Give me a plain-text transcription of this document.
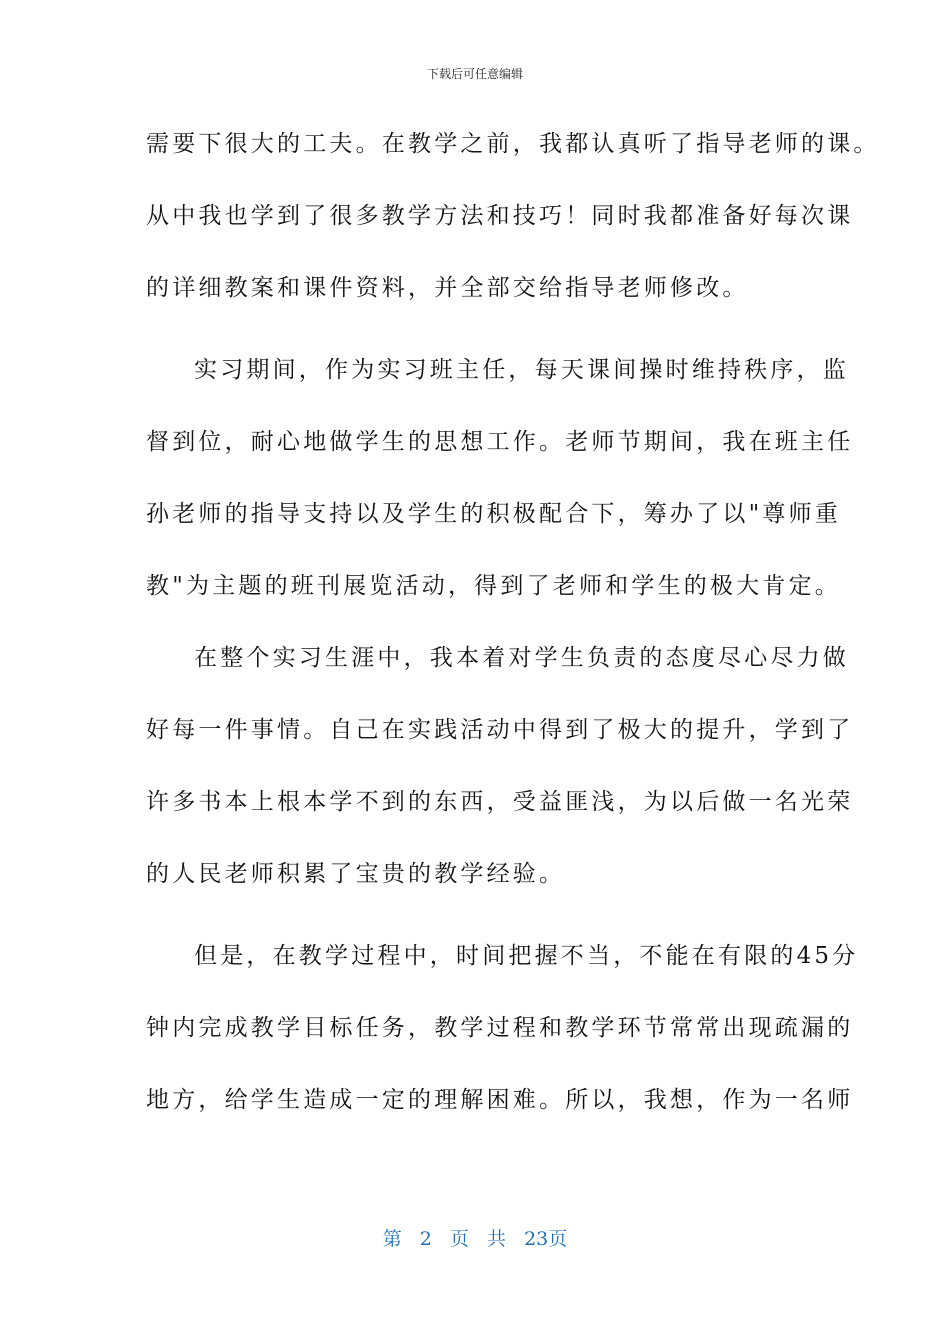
下载后可任意编辑
需要下很大的工夫。在教学之前，我都认真听了指导老师的课。
从中我也学到了很多教学方法和技巧！同时我都准备好每次课
的详细教案和课件资料，并全部交给指导老师修改。
实习期间，作为实习班主任，每天课间操时维持秩序，监
督到位，耐心地做学生的思想工作。老师节期间，我在班主任
孙老师的指导支持以及学生的积极配合下，筹办了以"尊师重
教"为主题的班刊展览活动，得到了老师和学生的极大肯定。
在整个实习生涯中，我本着对学生负责的态度尽心尽力做
好每一件事情。自己在实践活动中得到了极大的提升，学到了
许多书本上根本学不到的东西，受益匪浅，为以后做一名光荣
的人民老师积累了宝贵的教学经验。
但是，在教学过程中，时间把握不当，不能在有限的45分
钟内完成教学目标任务，教学过程和教学环节常常出现疏漏的
地方，给学生造成一定的理解困难。所以，我想，作为一名师
第 2 页 共 23页
